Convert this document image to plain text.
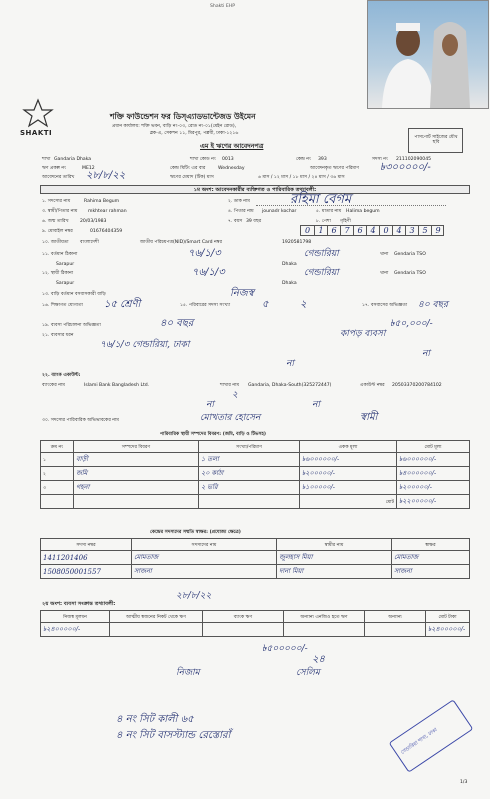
Shakti EHP
SHAKTI
শক্তি ফাউন্ডেশন ফর ডিস্‌এ্যাডভান্টেজড উইমেন
প্রধান কার্যালয়: শক্তি ভবন, বাড়ি নং-০৩, রোড নং-০১(মেইন রোড),
ব্লক-এ, সেকশন ১১, মিরপুর, পল্লবী, ঢাকা-১২১৬
পাসপোর্ট সাইজের যৌথ ছবি
এম ই ঋণের আবেদনপত্র
শাখা Gandaria Dhaka	শাখা কোড নং 0013	কেন্দ্র নং 393	সদস্য নং 211102090045
ঋণ প্রকল্প নং	ME12	কেন্দ্র মিটিং এর বার	Wednesday	আবেদনকৃত ঋণের পরিমাণ ৳৩০০০০০/-
আবেদনের তারিখ ২৮/৮/২২	ঋণের মেয়াদ (টিক) মাস	৬ মাস / ১২ মাস / ১৮ মাস / ২৪ মাস / ৩৬ মাস
১ম অংশ: আবেদনকারীর ব্যক্তিগত ও পারিবারিক তথ্যাবলী:
১. সদস্যের নাম	Rahima Begum	২. ডাক নাম	রহিমা বেগম
৩. স্বামী/পিতার নাম mkhtear rahman	৪. পিতার নাম jounadr kochar	৫. মাতার নাম Halima begum
৬. জন্ম তারিখ 20/03/1983	৭. বয়স 39 বছর	৮. পেশা গৃহিণী
৯. মোবাইল নম্বর	01676404359	0	1 6 7 6 4 0 4 3 5 9
১০. জাতীয়তা বাংলাদেশী	জাতীয় পরিচয়পত্র(NID)/Smart Card নম্বর	1920581798
১১. বর্তমান ঠিকানা	৭৬/১/৩	গেন্ডারিয়া	থানা Gendaria TSO
Dhaka
Sarapur
১২. স্থায়ী ঠিকানা	৭৬/১/৩	গেন্ডারিয়া	থানা Gendaria TSO
Dhaka
Sarapur
১৩. বাড়ি বর্তমান বসবাসকারী বাড়ি	নিজস্ব
১৬. শিক্ষাগত যোগ্যতা ১৫ শ্রেণী	১৫. পরিবারের সদস্য সংখ্যা	৫	২	১৭. বসবাসের অভিজ্ঞতা ৪০ বছর
১৯. ব্যবসা পরিচালনা অভিজ্ঞতা	৪০ বছর	৳৫০,০০০/-
২১. ব্যবসার ধরন	কাপড় ব্যবসা
৭৬/১/৩ গেন্ডারিয়া, ঢাকা
না
না
২২. ব্যাংক একাউন্ট:
ব্যাংকের নাম	Islami Bank Bangladesh Ltd.	শাখার নাম Gandaria, Dhaka-South(325272447)	একাউন্ট নম্বর 20503370200784102
২
না	না
৩০. সদস্যের পারিবারিক অভিভাবকের নাম	মোখতার হোসেন	স্বামী
পারিবারিক স্থায়ী সম্পদের বিবরণ: (জমি, বাড়ি ও টিভসহ)
ক্রম নং	সম্পদের বিবরণ	সংখ্যা/পরিমাণ	একক মূল্য	মোট মূল্য
১	বাড়ী	১ তলা	৳৬০০০০০০/-	৳৬০০০০০০/-
২	জমি	২০ কাঠা	৳২০০০০০/-	৳৪০০০০০০/-
৩	গহনা	২ ভরি	৳১০০০০০/-	৳২০০০০০/-
			মোট	৳২২০০০০০/-
কেন্দ্রের সদস্যদের সম্মতি স্বাক্ষর: (প্রযোজ্য ক্ষেত্রে)
সদস্য নম্বর	সদস্যদের নাম	স্বামীর নাম	স্বাক্ষর
1411201406	মোমতাজ	জুলহাস মিয়া	মোমতাজ
1508050001557	সাজনা	দানা মিয়া	সাজনা
২৮/৮/২২
২য় অংশ: ব্যবসা সংক্রান্ত তথ্যাবলী:
নিজস্ব মূলধন	আত্মীয় স্বজনের নিকট থেকে ঋণ	ব্যাংক ঋণ	অন্যান্য এনজিও হতে ঋণ	অন্যান্য	মোট টাকা
৳২৪০০০০০/-					৳২৪০০০০০/-
৳৫০০০০০/-
২৪
নিজাম	সেলিম
৪ নং সিট কালী ৬৫
৪ নং সিট বাসস্ট্যান্ড রেস্তোরাঁ	গেন্ডারিয়া শাখা, ঢাকা
1/3
